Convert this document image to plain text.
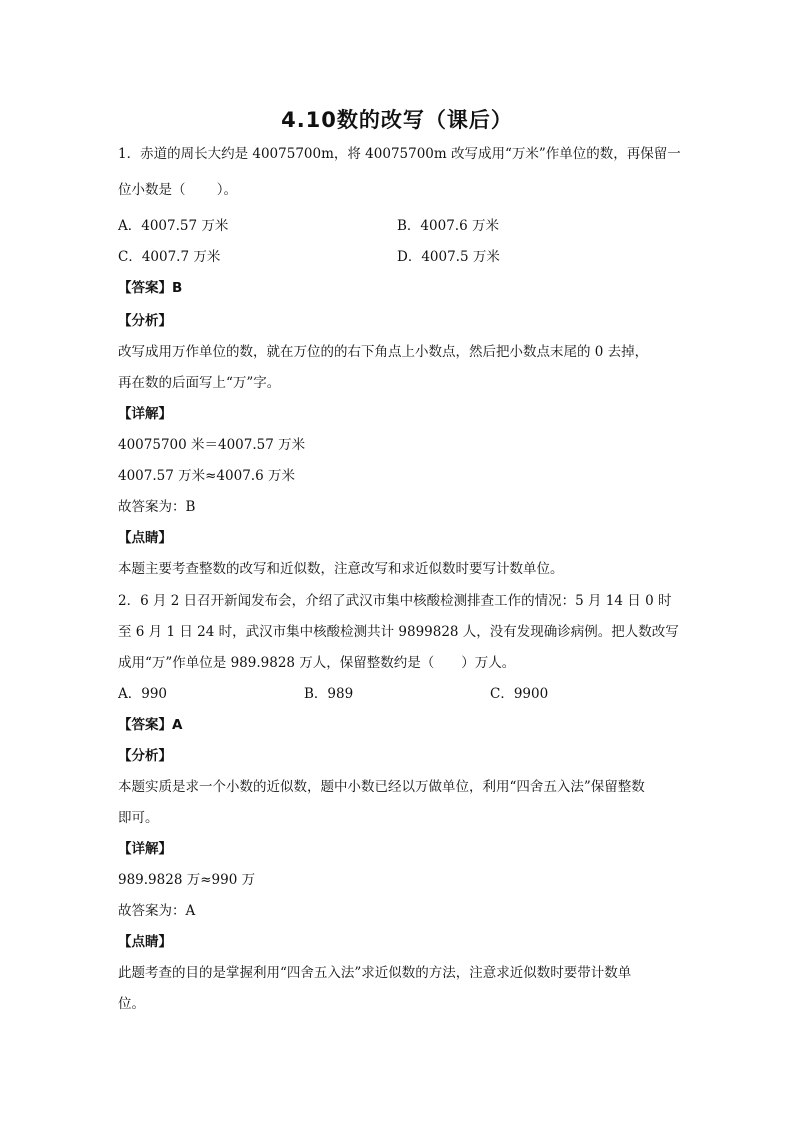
4.10数的改写（课后）
1．赤道的周长大约是 40075700m，将 40075700m 改写成用“万米”作单位的数，再保留一
位小数是（　　 ）。
A．4007.57 万米	B．4007.6 万米
C．4007.7 万米	D．4007.5 万米
【答案】B
【分析】
改写成用万作单位的数，就在万位的的右下角点上小数点，然后把小数点末尾的 0 去掉，
再在数的后面写上“万”字。
【详解】
40075700 米＝4007.57 万米
4007.57 万米≈4007.6 万米
故答案为：B
【点睛】
本题主要考查整数的改写和近似数，注意改写和求近似数时要写计数单位。
2．6 月 2 日召开新闻发布会，介绍了武汉市集中核酸检测排查工作的情况：5 月 14 日 0 时
至 6 月 1 日 24 时，武汉市集中核酸检测共计 9899828 人，没有发现确诊病例。把人数改写
成用“万”作单位是 989.9828 万人，保留整数约是（　　）万人。
A．990	B．989	C．9900
【答案】A
【分析】
本题实质是求一个小数的近似数，题中小数已经以万做单位，利用“四舍五入法”保留整数
即可。
【详解】
989.9828 万≈990 万
故答案为：A
【点睛】
此题考查的目的是掌握利用“四舍五入法”求近似数的方法，注意求近似数时要带计数单
位。
